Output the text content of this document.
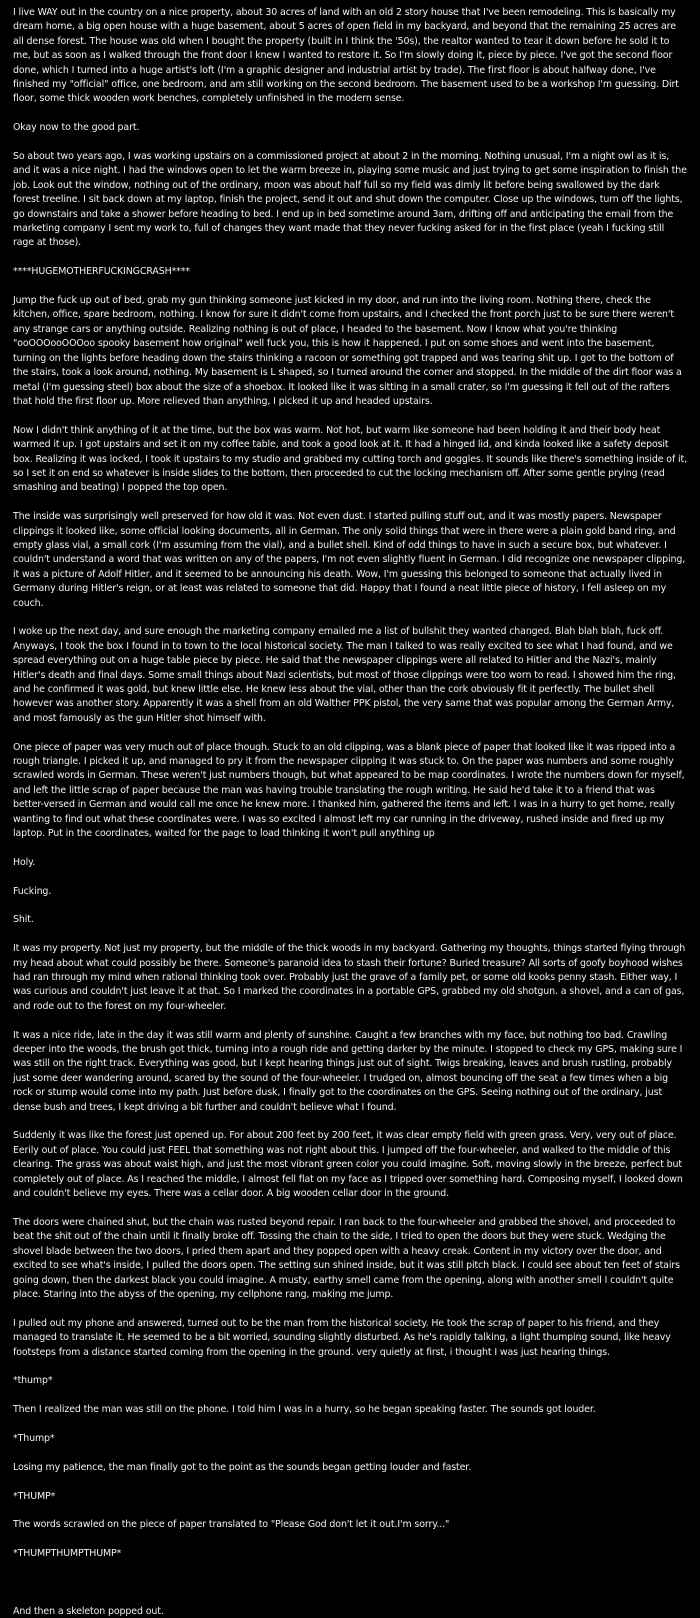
I live WAY out in the country on a nice property, about 30 acres of land with an old 2 story house that I've been remodeling. This is basically my dream home, a big open house with a huge basement, about 5 acres of open field in my backyard, and beyond that the remaining 25 acres are all dense forest. The house was old when I bought the property (built in I think the '50s), the realtor wanted to tear it down before he sold it to me, but as soon as I walked through the front door I knew I wanted to restore it. So I'm slowly doing it, piece by piece. I've got the second floor done, which I turned into a huge artist's loft (I'm a graphic designer and industrial artist by trade). The first floor is about halfway done, I've finished my "official" office, one bedroom, and am still working on the second bedroom. The basement used to be a workshop I'm guessing. Dirt floor, some thick wooden work benches, completely unfinished in the modern sense.

Okay now to the good part.

So about two years ago, I was working upstairs on a commissioned project at about 2 in the morning. Nothing unusual, I'm a night owl as it is, and it was a nice night. I had the windows open to let the warm breeze in, playing some music and just trying to get some inspiration to finish the job. Look out the window, nothing out of the ordinary, moon was about half full so my field was dimly lit before being swallowed by the dark forest treeline. I sit back down at my laptop, finish the project, send it out and shut down the computer. Close up the windows, turn off the lights, go downstairs and take a shower before heading to bed. I end up in bed sometime around 3am, drifting off and anticipating the email from the marketing company I sent my work to, full of changes they want made that they never fucking asked for in the first place (yeah I fucking still rage at those).

****HUGEMOTHERFUCKINGCRASH****

Jump the fuck up out of bed, grab my gun thinking someone just kicked in my door, and run into the living room. Nothing there, check the kitchen, office, spare bedroom, nothing. I know for sure it didn't come from upstairs, and I checked the front porch just to be sure there weren't any strange cars or anything outside. Realizing nothing is out of place, I headed to the basement. Now I know what you're thinking "ooOOOooOOOoo spooky basement how original" well fuck you, this is how it happened. I put on some shoes and went into the basement, turning on the lights before heading down the stairs thinking a racoon or something got trapped and was tearing shit up. I got to the bottom of the stairs, took a look around, nothing. My basement is L shaped, so I turned around the corner and stopped. In the middle of the dirt floor was a metal (I'm guessing steel) box about the size of a shoebox. It looked like it was sitting in a small crater, so I'm guessing it fell out of the rafters that hold the first floor up. More relieved than anything, I picked it up and headed upstairs.

Now I didn't think anything of it at the time, but the box was warm. Not hot, but warm like someone had been holding it and their body heat warmed it up. I got upstairs and set it on my coffee table, and took a good look at it. It had a hinged lid, and kinda looked like a safety deposit box. Realizing it was locked, I took it upstairs to my studio and grabbed my cutting torch and goggles. It sounds like there's something inside of it, so I set it on end so whatever is inside slides to the bottom, then proceeded to cut the locking mechanism off. After some gentle prying (read smashing and beating) I popped the top open.

The inside was surprisingly well preserved for how old it was. Not even dust. I started pulling stuff out, and it was mostly papers. Newspaper clippings it looked like, some official looking documents, all in German. The only solid things that were in there were a plain gold band ring, and empty glass vial, a small cork (I'm assuming from the vial), and a bullet shell. Kind of odd things to have in such a secure box, but whatever. I couldn't understand a word that was written on any of the papers, I'm not even slightly fluent in German. I did recognize one newspaper clipping, it was a picture of Adolf Hitler, and it seemed to be announcing his death. Wow, I'm guessing this belonged to someone that actually lived in Germany during Hitler's reign, or at least was related to someone that did. Happy that I found a neat little piece of history, I fell asleep on my couch.

I woke up the next day, and sure enough the marketing company emailed me a list of bullshit they wanted changed. Blah blah blah, fuck off. Anyways, I took the box I found in to town to the local historical society. The man I talked to was really excited to see what I had found, and we spread everything out on a huge table piece by piece. He said that the newspaper clippings were all related to Hitler and the Nazi's, mainly Hitler's death and final days. Some small things about Nazi scientists, but most of those clippings were too worn to read. I showed him the ring, and he confirmed it was gold, but knew little else. He knew less about the vial, other than the cork obviously fit it perfectly. The bullet shell however was another story. Apparently it was a shell from an old Walther PPK pistol, the very same that was popular among the German Army, and most famously as the gun Hitler shot himself with.

One piece of paper was very much out of place though. Stuck to an old clipping, was a blank piece of paper that looked like it was ripped into a rough triangle. I picked it up, and managed to pry it from the newspaper clipping it was stuck to. On the paper was numbers and some roughly scrawled words in German. These weren't just numbers though, but what appeared to be map coordinates. I wrote the numbers down for myself, and left the little scrap of paper because the man was having trouble translating the rough writing. He said he'd take it to a friend that was better-versed in German and would call me once he knew more. I thanked him, gathered the items and left. I was in a hurry to get home, really wanting to find out what these coordinates were. I was so excited I almost left my car running in the driveway, rushed inside and fired up my laptop. Put in the coordinates, waited for the page to load thinking it won't pull anything up

Holy.

Fucking.

Shit.

It was my property. Not just my property, but the middle of the thick woods in my backyard. Gathering my thoughts, things started flying through my head about what could possibly be there. Someone's paranoid idea to stash their fortune? Buried treasure? All sorts of goofy boyhood wishes had ran through my mind when rational thinking took over. Probably just the grave of a family pet, or some old kooks penny stash. Either way, I was curious and couldn't just leave it at that. So I marked the coordinates in a portable GPS, grabbed my old shotgun. a shovel, and a can of gas, and rode out to the forest on my four-wheeler.

It was a nice ride, late in the day it was still warm and plenty of sunshine. Caught a few branches with my face, but nothing too bad. Crawling deeper into the woods, the brush got thick, turning into a rough ride and getting darker by the minute. I stopped to check my GPS, making sure I was still on the right track. Everything was good, but I kept hearing things just out of sight. Twigs breaking, leaves and brush rustling, probably just some deer wandering around, scared by the sound of the four-wheeler. I trudged on, almost bouncing off the seat a few times when a big rock or stump would come into my path. Just before dusk, I finally got to the coordinates on the GPS. Seeing nothing out of the ordinary, just dense bush and trees, I kept driving a bit further and couldn't believe what I found.

Suddenly it was like the forest just opened up. For about 200 feet by 200 feet, it was clear empty field with green grass. Very, very out of place. Eerily out of place. You could just FEEL that something was not right about this. I jumped off the four-wheeler, and walked to the middle of this clearing. The grass was about waist high, and just the most vibrant green color you could imagine. Soft, moving slowly in the breeze, perfect but completely out of place. As I reached the middle, I almost fell flat on my face as I tripped over something hard. Composing myself, I looked down and couldn't believe my eyes. There was a cellar door. A big wooden cellar door in the ground.

The doors were chained shut, but the chain was rusted beyond repair. I ran back to the four-wheeler and grabbed the shovel, and proceeded to beat the shit out of the chain until it finally broke off. Tossing the chain to the side, I tried to open the doors but they were stuck. Wedging the shovel blade between the two doors, I pried them apart and they popped open with a heavy creak. Content in my victory over the door, and excited to see what's inside, I pulled the doors open. The setting sun shined inside, but it was still pitch black. I could see about ten feet of stairs going down, then the darkest black you could imagine. A musty, earthy smell came from the opening, along with another smell I couldn't quite place. Staring into the abyss of the opening, my cellphone rang, making me jump.

I pulled out my phone and answered, turned out to be the man from the historical society. He took the scrap of paper to his friend, and they managed to translate it. He seemed to be a bit worried, sounding slightly disturbed. As he's rapidly talking, a light thumping sound, like heavy footsteps from a distance started coming from the opening in the ground. very quietly at first, i thought I was just hearing things.

*thump*

Then I realized the man was still on the phone. I told him I was in a hurry, so he began speaking faster. The sounds got louder.

*Thump*

Losing my patience, the man finally got to the point as the sounds began getting louder and faster.

*THUMP*

The words scrawled on the piece of paper translated to "Please God don't let it out.I'm sorry..."

*THUMPTHUMPTHUMP*

And then a skeleton popped out.
